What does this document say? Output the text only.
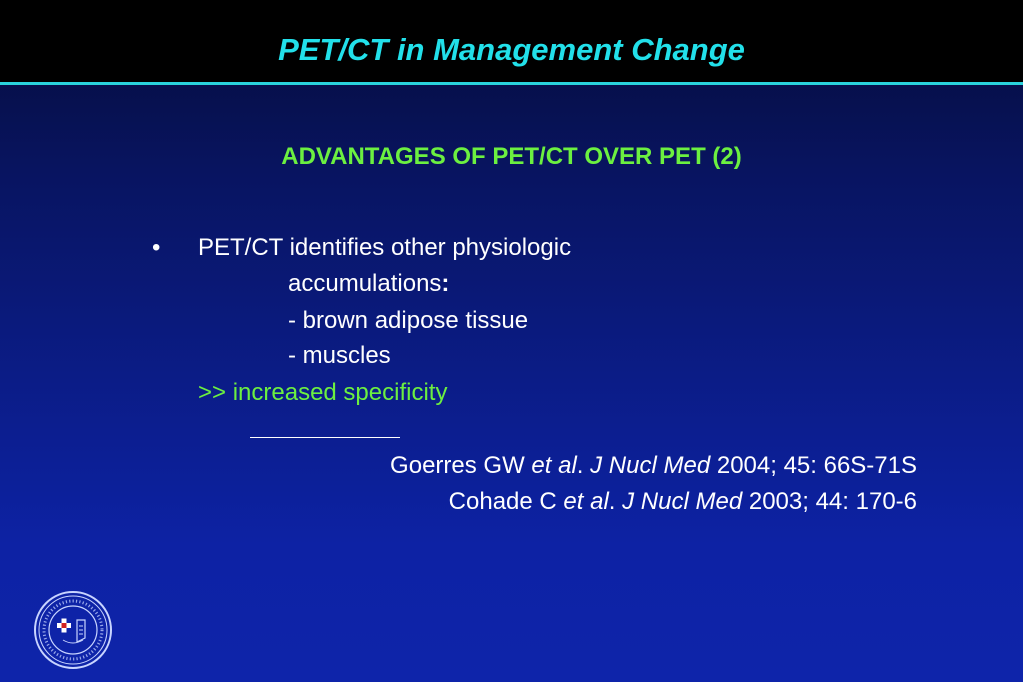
PET/CT in Management Change
ADVANTAGES OF PET/CT OVER PET (2)
• PET/CT identifies other physiologic
accumulations:
- brown adipose tissue
- muscles
>> increased specificity
Goerres GW et al. J Nucl Med 2004; 45: 66S-71S
Cohade C et al. J Nucl Med 2003; 44: 170-6
